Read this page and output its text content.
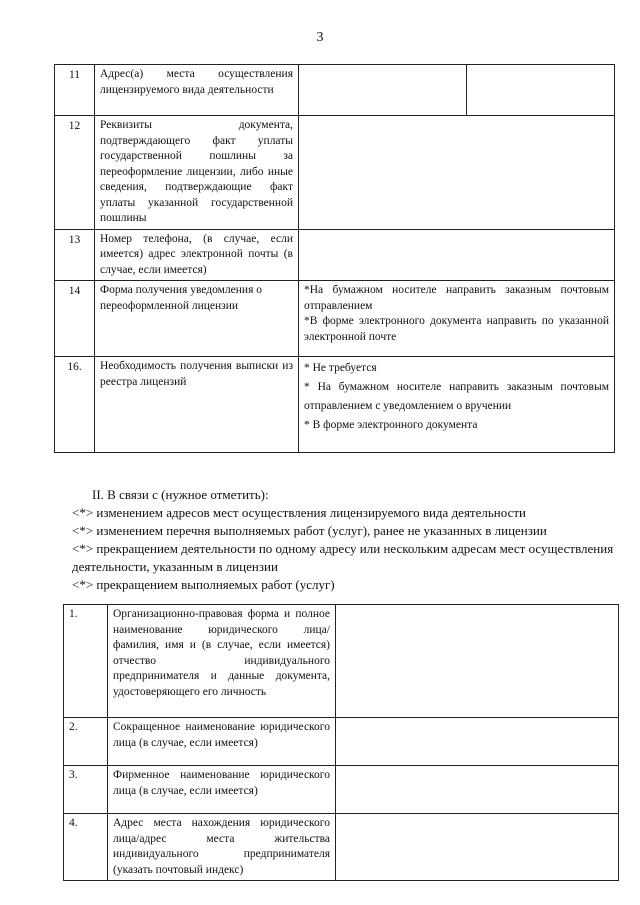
3
11	Адрес(а) места осуществления лицензируемого вида деятельности		
12	Реквизиты документа, подтверждающего факт уплаты государственной пошлины за переоформление лицензии, либо иные сведения, подтверждающие факт уплаты указанной государственной пошлины		
13	Номер телефона, (в случае, если имеется) адрес электронной почты (в случае, если имеется)		
14	Форма получения уведомления о переоформленной лицензии	*На бумажном носителе направить заказным почтовым отправлением
*В форме электронного документа направить по указанной электронной почте	

16.	Необходимость получения выписки из реестра лицензий	* Не требуется
* На бумажном носителе направить заказным почтовым отправлением с уведомлением о вручении
* В форме электронного документа	

II. В связи с (нужное отметить):

<*> изменением адресов мест осуществления лицензируемого вида деятельности

<*> изменением перечня выполняемых работ (услуг), ранее не указанных в лицензии

<*> прекращением деятельности по одному адресу или нескольким адресам мест осуществления деятельности, указанным в лицензии

<*> прекращением выполняемых работ (услуг)

1.	Организационно-правовая форма и полное наименование юридического лица/фамилия, имя и (в случае, если имеется) отчество индивидуального предпринимателя и данные документа, удостоверяющего его личность	
2.	Сокращенное наименование юридического лица (в случае, если имеется)	
3.	Фирменное наименование юридического лица (в случае, если имеется)	
4.	Адрес места нахождения юридического лица/адрес места жительства индивидуального предпринимателя (указать почтовый индекс)	
